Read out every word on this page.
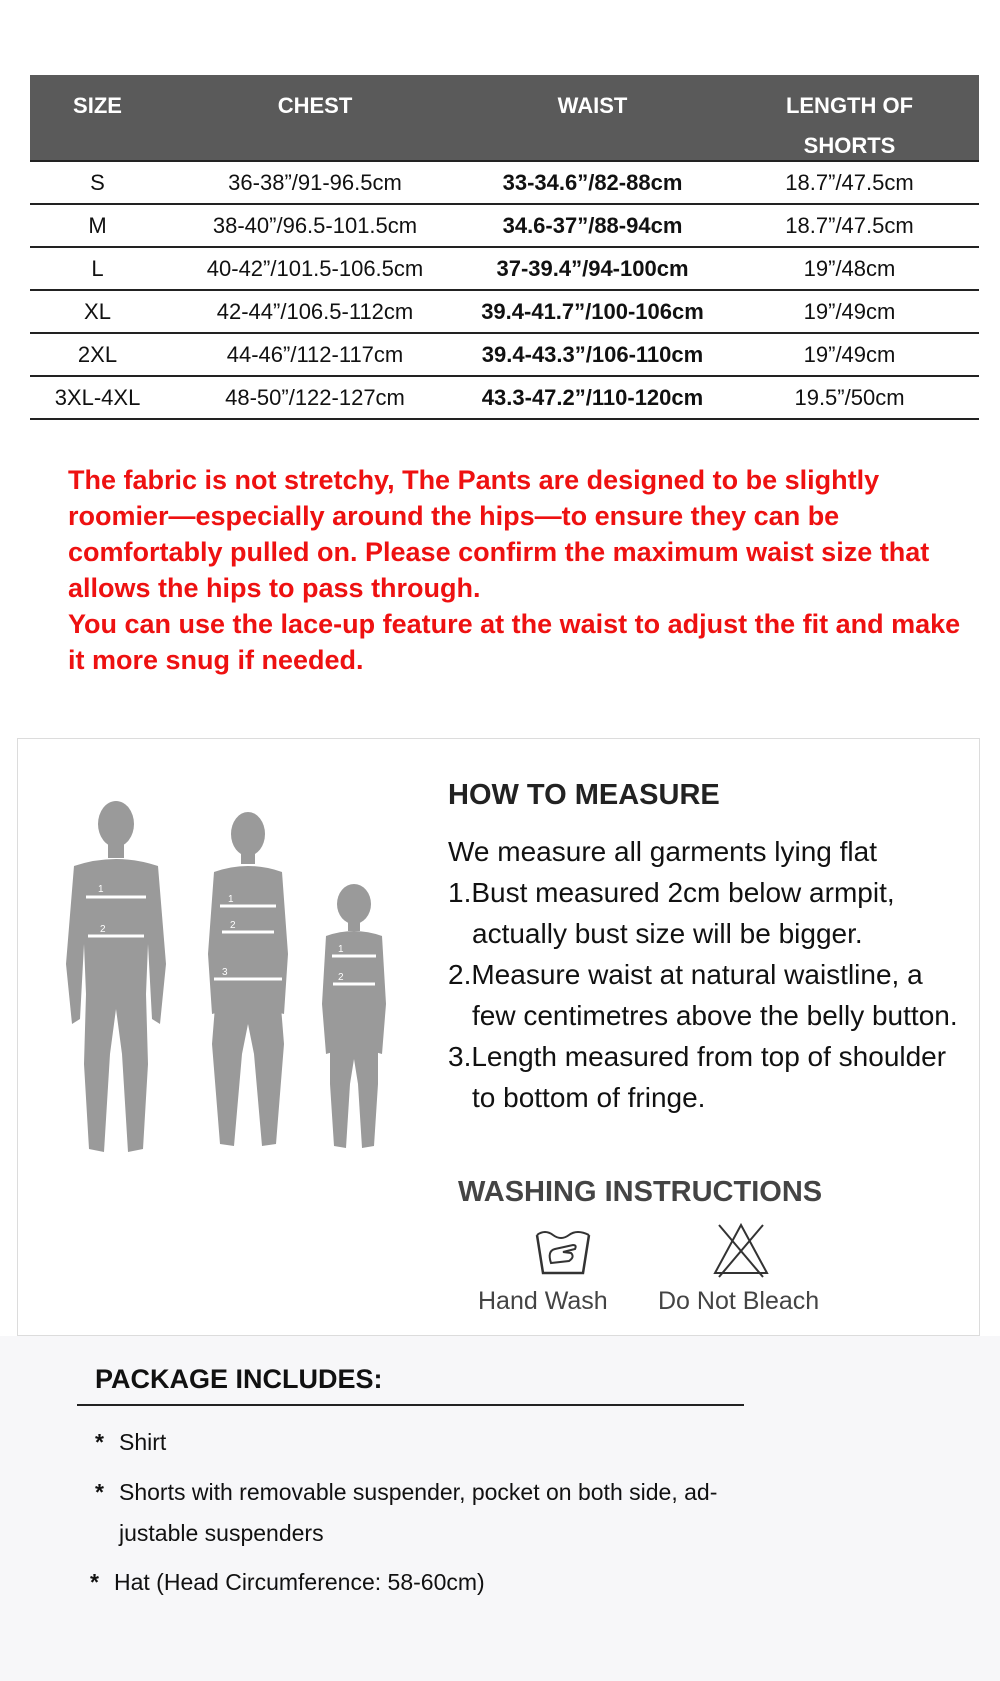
SIZE	CHEST	WAIST	LENGTH OF
SHORTS

S	36-38”/91-96.5cm	33-34.6”/82-88cm	18.7”/47.5cm
M	38-40”/96.5-101.5cm	34.6-37”/88-94cm	18.7”/47.5cm
L	40-42”/101.5-106.5cm	37-39.4”/94-100cm	19”/48cm
XL	42-44”/106.5-112cm	39.4-41.7”/100-106cm	19”/49cm
2XL	44-46”/112-117cm	39.4-43.3”/106-110cm	19”/49cm
3XL-4XL	48-50”/122-127cm	43.3-47.2”/110-120cm	19.5”/50cm

The fabric is not stretchy, The Pants are designed to be slightly roomier—especially around the hips—to ensure they can be comfortably pulled on. Please confirm the maximum waist size that allows the hips to pass through.

You can use the lace-up feature at the waist to adjust the fit and make it more snug if needed.

1
2
1
2
3
1
2
HOW TO MEASURE
We measure all garments lying flat
1.Bust measured 2cm below armpit,
actually bust size will be bigger.
2.Measure waist at natural waistline, a
few centimetres above the belly button.
3.Length measured from top of shoulder
to bottom of fringe.
WASHING INSTRUCTIONS
Hand Wash Do Not Bleach
PACKAGE INCLUDES:
* Shirt
* Shorts with removable suspender, pocket on both side, ad-
justable suspenders
* Hat (Head Circumference: 58-60cm)
